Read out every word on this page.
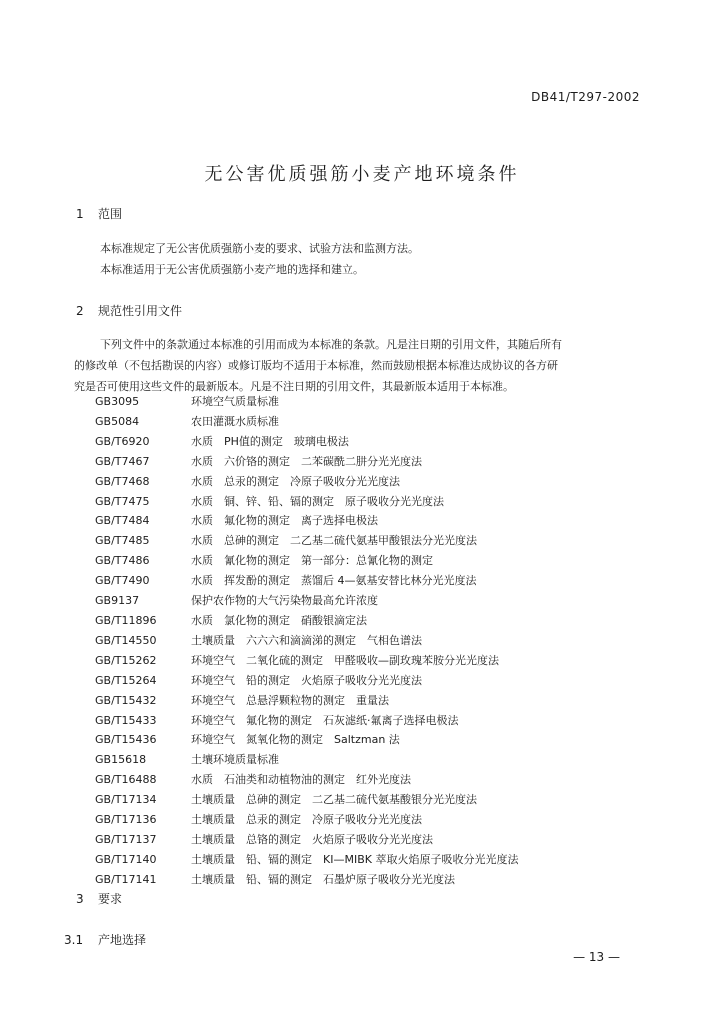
DB41/T297-2002
无公害优质强筋小麦产地环境条件
1 范围
本标准规定了无公害优质强筋小麦的要求、试验方法和监测方法。
本标准适用于无公害优质强筋小麦产地的选择和建立。
2 规范性引用文件
下列文件中的条款通过本标准的引用而成为本标准的条款。凡是注日期的引用文件，其随后所有
的修改单（不包括勘误的内容）或修订版均不适用于本标准，然而鼓励根据本标准达成协议的各方研
究是否可使用这些文件的最新版本。凡是不注日期的引用文件，其最新版本适用于本标准。
GB3095	环境空气质量标准
GB5084	农田灌溉水质标准
GB/T6920	水质　PH值的测定　玻璃电极法
GB/T7467	水质　六价铬的测定　二苯碳酰二肼分光光度法
GB/T7468	水质　总汞的测定　冷原子吸收分光光度法
GB/T7475	水质　铜、锌、铅、镉的测定　原子吸收分光光度法
GB/T7484	水质　氟化物的测定　离子选择电极法
GB/T7485	水质　总砷的测定　二乙基二硫代氨基甲酸银法分光光度法
GB/T7486	水质　氰化物的测定　第一部分：总氰化物的测定
GB/T7490	水质　挥发酚的测定　蒸馏后 4—氨基安替比林分光光度法
GB9137	保护农作物的大气污染物最高允许浓度
GB/T11896	水质　氯化物的测定　硝酸银滴定法
GB/T14550	土壤质量　六六六和滴滴涕的测定　气相色谱法
GB/T15262	环境空气　二氧化硫的测定　甲醛吸收—副玫瑰苯胺分光光度法
GB/T15264	环境空气　铅的测定　火焰原子吸收分光光度法
GB/T15432	环境空气　总悬浮颗粒物的测定　重量法
GB/T15433	环境空气　氟化物的测定　石灰滤纸·氟离子选择电极法
GB/T15436	环境空气　氮氧化物的测定　Saltzman 法
GB15618	土壤环境质量标准
GB/T16488	水质　石油类和动植物油的测定　红外光度法
GB/T17134	土壤质量　总砷的测定　二乙基二硫代氨基酸银分光光度法
GB/T17136	土壤质量　总汞的测定　冷原子吸收分光光度法
GB/T17137	土壤质量　总铬的测定　火焰原子吸收分光光度法
GB/T17140	土壤质量　铅、镉的测定　KI—MIBK 萃取火焰原子吸收分光光度法
GB/T17141	土壤质量　铅、镉的测定　石墨炉原子吸收分光光度法
3 要求
3.1 产地选择
— 13 —
